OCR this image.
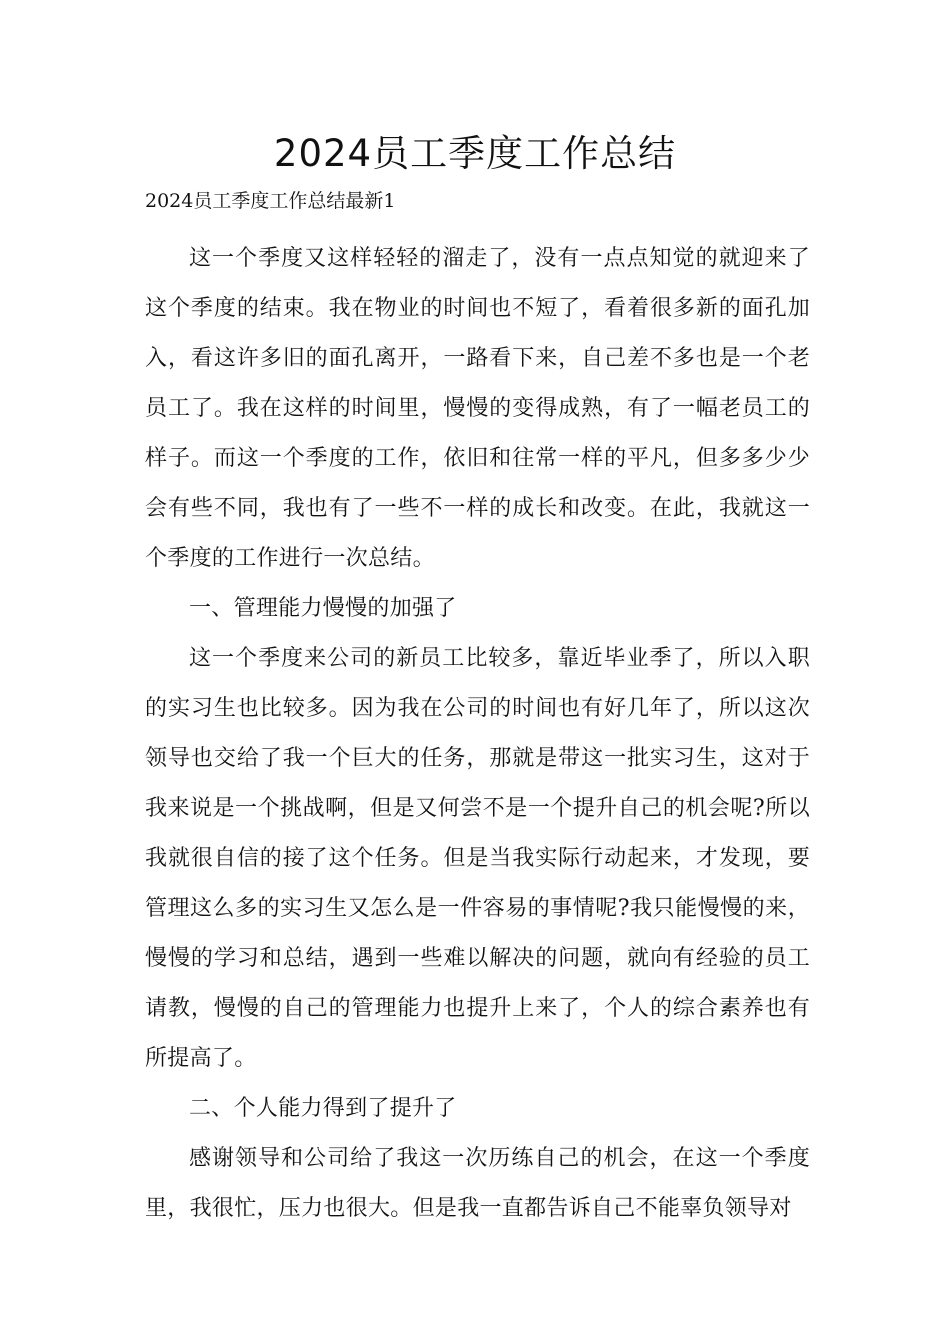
2024员工季度工作总结

2024员工季度工作总结最新1

这一个季度又这样轻轻的溜走了，没有一点点知觉的就迎来了这个季度的结束。我在物业的时间也不短了，看着很多新的面孔加入，看这许多旧的面孔离开，一路看下来，自己差不多也是一个老员工了。我在这样的时间里，慢慢的变得成熟，有了一幅老员工的样子。而这一个季度的工作，依旧和往常一样的平凡，但多多少少会有些不同，我也有了一些不一样的成长和改变。在此，我就这一个季度的工作进行一次总结。

一、管理能力慢慢的加强了

这一个季度来公司的新员工比较多，靠近毕业季了，所以入职的实习生也比较多。因为我在公司的时间也有好几年了，所以这次领导也交给了我一个巨大的任务，那就是带这一批实习生，这对于我来说是一个挑战啊，但是又何尝不是一个提升自己的机会呢?所以我就很自信的接了这个任务。但是当我实际行动起来，才发现，要管理这么多的实习生又怎么是一件容易的事情呢?我只能慢慢的来，慢慢的学习和总结，遇到一些难以解决的问题，就向有经验的员工请教，慢慢的自己的管理能力也提升上来了，个人的综合素养也有所提高了。

二、个人能力得到了提升了

感谢领导和公司给了我这一次历练自己的机会，在这一个季度里，我很忙，压力也很大。但是我一直都告诉自己不能辜负领导对
